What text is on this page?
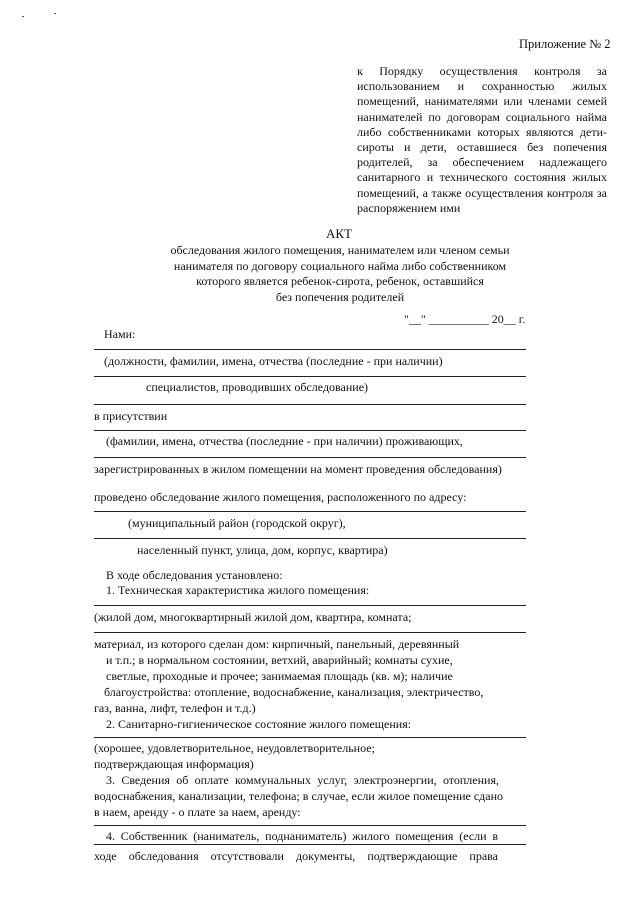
Приложение № 2
к Порядку осуществления контроля за
использованием и сохранностью жилых
помещений, нанимателями или членами семей
нанимателей по договорам социального найма
либо собственниками которых являются дети-
сироты и дети, оставшиеся без попечения
родителей, за обеспечением надлежащего
санитарного и технического состояния жилых
помещений, а также осуществления контроля за
распоряжением ими
АКТ
обследования жилого помещения, нанимателем или членом семьи
нанимателя по договору социального найма либо собственником
которого является ребенок-сирота, ребенок, оставшийся
без попечения родителей
"__" __________ 20__ г.
Нами:
(должности, фамилии, имена, отчества (последние - при наличии)
специалистов, проводивших обследование)
в присутствии
(фамилии, имена, отчества (последние - при наличии) проживающих,
зарегистрированных в жилом помещении на момент проведения обследования)
проведено обследование жилого помещения, расположенного по адресу:
(муниципальный район (городской округ),
населенный пункт, улица, дом, корпус, квартира)
В ходе обследования установлено:
1. Техническая характеристика жилого помещения:
(жилой дом, многоквартирный жилой дом, квартира, комната;
материал, из которого сделан дом: кирпичный, панельный, деревянный
и т.п.; в нормальном состоянии, ветхий, аварийный; комнаты сухие,
светлые, проходные и прочее; занимаемая площадь (кв. м); наличие
благоустройства: отопление, водоснабжение, канализация, электричество,
газ, ванна, лифт, телефон и т.д.)
2. Санитарно-гигиеническое состояние жилого помещения:
(хорошее, удовлетворительное, неудовлетворительное;
подтверждающая информация)
3. Сведения об оплате коммунальных услуг, электроэнергии, отопления,
водоснабжения, канализации, телефона; в случае, если жилое помещение сдано
в наем, аренду - о плате за наем, аренду:
4. Собственник (наниматель, поднаниматель) жилого помещения (если в
ходе обследования отсутствовали документы, подтверждающие права
